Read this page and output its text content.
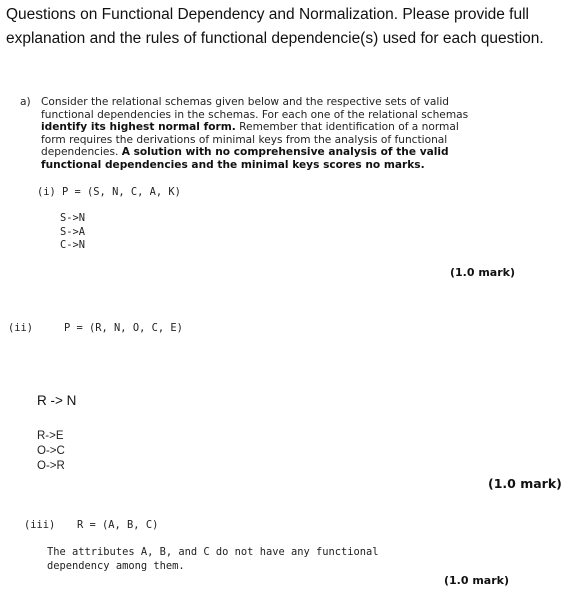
Questions on Functional Dependency and Normalization. Please provide full
explanation and the rules of functional dependencie(s) used for each question.
a) Consider the relational schemas given below and the respective sets of valid
functional dependencies in the schemas. For each one of the relational schemas
identify its highest normal form. Remember that identification of a normal
form requires the derivations of minimal keys from the analysis of functional
dependencies. A solution with no comprehensive analysis of the valid
functional dependencies and the minimal keys scores no marks.
(i) P = (S, N, C, A, K)
S->N
S->A
C->N
(1.0 mark)
(ii)	P = (R, N, O, C, E)
R -> N
R->E
O->C
O->R
(1.0 mark)
(iii) R = (A, B, C)
The attributes A, B, and C do not have any functional
dependency among them.
(1.0 mark)
